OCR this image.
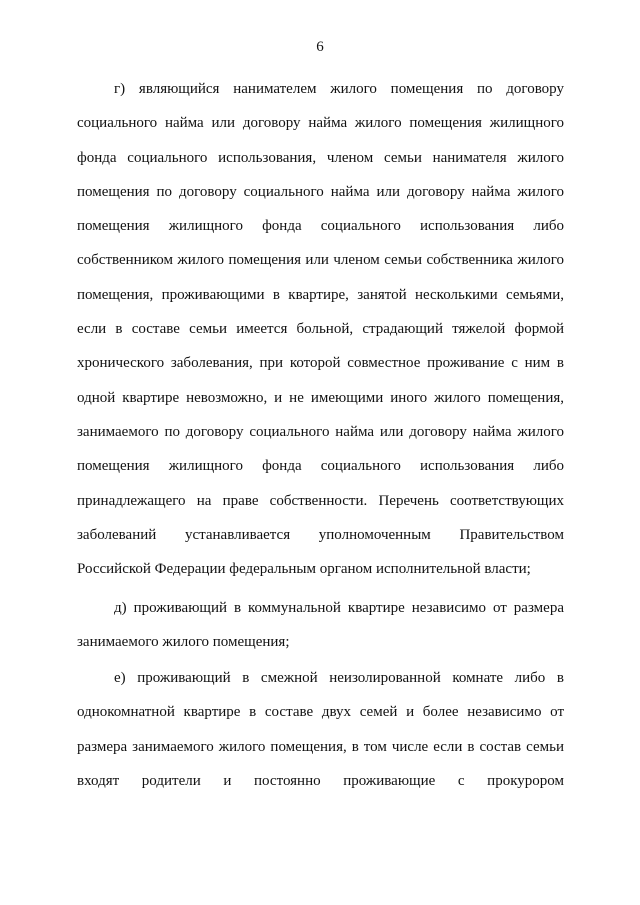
6
г) являющийся нанимателем жилого помещения по договору
социального найма или договору найма жилого помещения жилищного
фонда социального использования, членом семьи нанимателя жилого
помещения по договору социального найма или договору найма жилого
помещения жилищного фонда социального использования либо
собственником жилого помещения или членом семьи собственника жилого
помещения, проживающими в квартире, занятой несколькими семьями,
если в составе семьи имеется больной, страдающий тяжелой формой
хронического заболевания, при которой совместное проживание с ним в
одной квартире невозможно, и не имеющими иного жилого помещения,
занимаемого по договору социального найма или договору найма жилого
помещения жилищного фонда социального использования либо
принадлежащего на праве собственности. Перечень соответствующих
заболеваний устанавливается уполномоченным Правительством
Российской Федерации федеральным органом исполнительной власти;
д) проживающий в коммунальной квартире независимо от размера
занимаемого жилого помещения;
е) проживающий в смежной неизолированной комнате либо в
однокомнатной квартире в составе двух семей и более независимо от
размера занимаемого жилого помещения, в том числе если в состав семьи
входят родители и постоянно проживающие с прокурором
